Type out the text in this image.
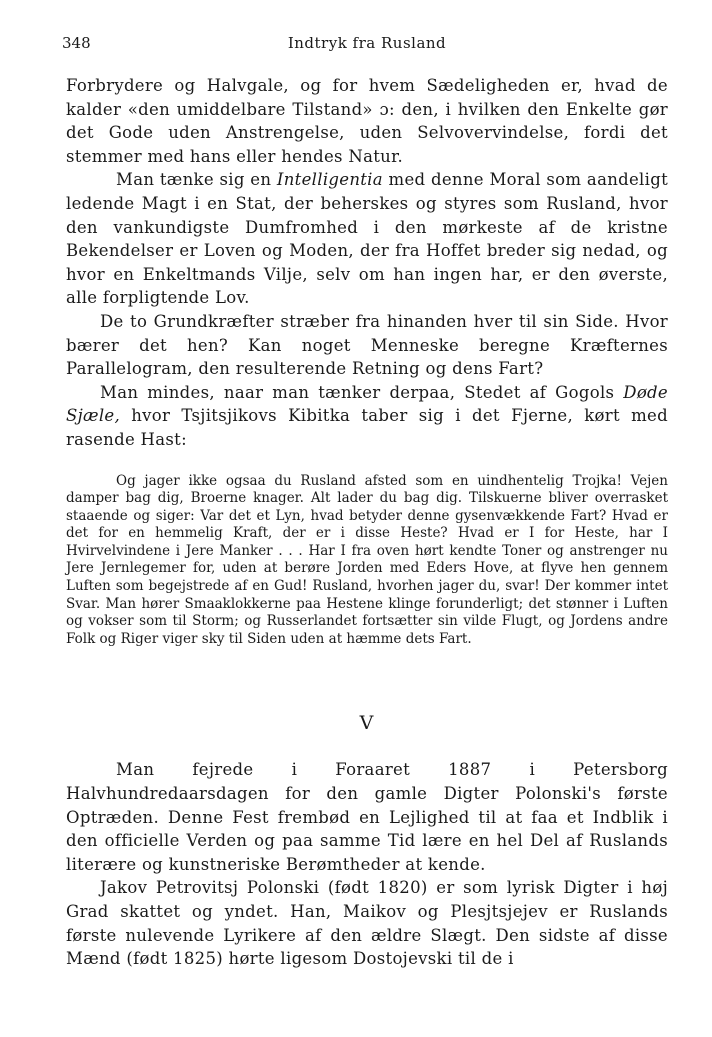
348	Indtryk fra Rusland

Forbrydere og Halvgale, og for hvem Sædeligheden er, hvad de kalder «den umiddelbare Tilstand» ɔ: den, i hvilken den Enkelte gør det Gode uden Anstrengelse, uden Selvovervindelse, fordi det stemmer med hans eller hendes Natur.

Man tænke sig en Intelligentia med denne Moral som aandeligt ledende Magt i en Stat, der beherskes og styres som Rusland, hvor den vankundigste Dumfromhed i den mørkeste af de kristne Bekendelser er Loven og Moden, der fra Hoffet breder sig nedad, og hvor en Enkeltmands Vilje, selv om han ingen har, er den øverste, alle forpligtende Lov.

De to Grundkræfter stræber fra hinanden hver til sin Side. Hvor bærer det hen? Kan noget Menneske beregne Kræfternes Parallelogram, den resulterende Retning og dens Fart?

Man mindes, naar man tænker derpaa, Stedet af Gogols Døde Sjæle, hvor Tsjitsjikovs Kibitka taber sig i det Fjerne, kørt med rasende Hast:

Og jager ikke ogsaa du Rusland afsted som en uindhentelig Trojka! Vejen damper bag dig, Broerne knager. Alt lader du bag dig. Tilskuerne bliver overrasket staaende og siger: Var det et Lyn, hvad betyder denne gysenvækkende Fart? Hvad er det for en hemmelig Kraft, der er i disse Heste? Hvad er I for Heste, har I Hvirvelvindene i Jere Manker . . . Har I fra oven hørt kendte Toner og anstrenger nu Jere Jernlegemer for, uden at berøre Jorden med Eders Hove, at flyve hen gennem Luften som begejstrede af en Gud! Rusland, hvorhen jager du, svar! Der kommer intet Svar. Man hører Smaaklokkerne paa Hestene klinge forunderligt; det stønner i Luften og vokser som til Storm; og Russerlandet fortsætter sin vilde Flugt, og Jordens andre Folk og Riger viger sky til Siden uden at hæmme dets Fart.

V

Man fejrede i Foraaret 1887 i Petersborg Halvhundredaarsdagen for den gamle Digter Polonski's første Optræden. Denne Fest frembød en Lejlighed til at faa et Indblik i den officielle Verden og paa samme Tid lære en hel Del af Ruslands literære og kunstneriske Berømtheder at kende.

Jakov Petrovitsj Polonski (født 1820) er som lyrisk Digter i høj Grad skattet og yndet. Han, Maikov og Plesjtsjejev er Ruslands første nulevende Lyrikere af den ældre Slægt. Den sidste af disse Mænd (født 1825) hørte ligesom Dostojevski til de i
